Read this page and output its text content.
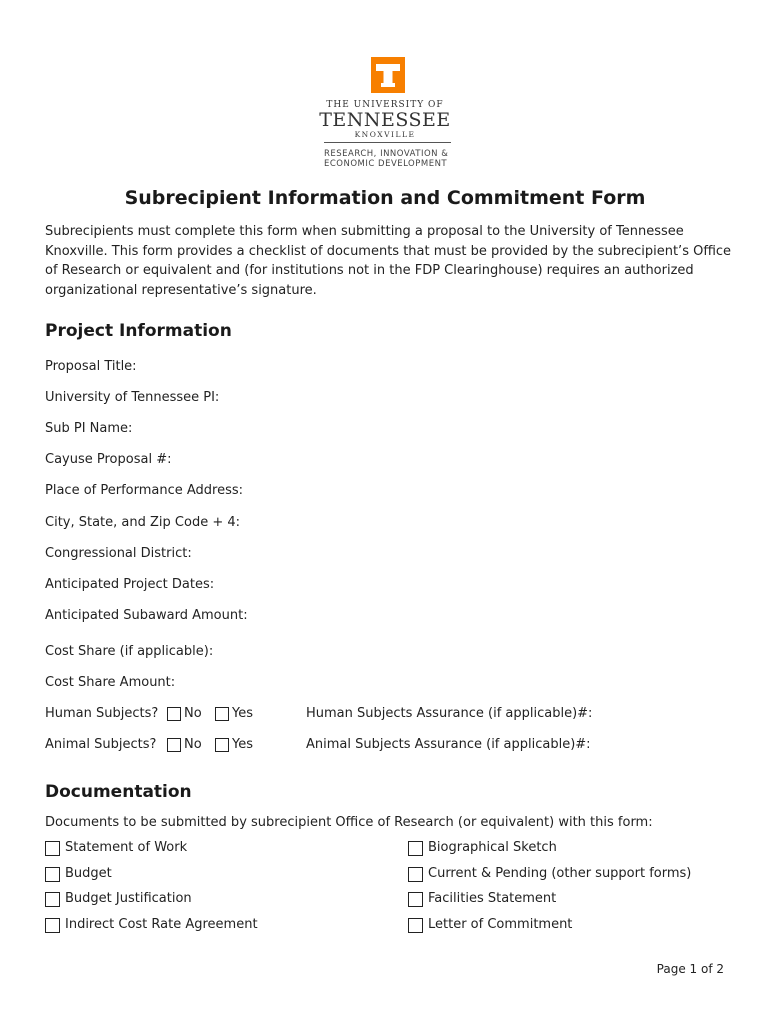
THE UNIVERSITY OF
TENNESSEE
KNOXVILLE
RESEARCH, INNOVATION &
ECONOMIC DEVELOPMENT
Subrecipient Information and Commitment Form
Subrecipients must complete this form when submitting a proposal to the University of Tennessee Knoxville. This form provides a checklist of documents that must be provided by the subrecipient’s Office of Research or equivalent and (for institutions not in the FDP Clearinghouse) requires an authorized organizational representative’s signature.
Project Information
Proposal Title:
University of Tennessee PI:
Sub PI Name:
Cayuse Proposal #:
Place of Performance Address:
City, State, and Zip Code + 4:
Congressional District:
Anticipated Project Dates:
Anticipated Subaward Amount:
Cost Share (if applicable):
Cost Share Amount:
Human Subjects? No Yes	Human Subjects Assurance (if applicable)#:
Animal Subjects? No Yes	Animal Subjects Assurance (if applicable)#:
Documentation
Documents to be submitted by subrecipient Office of Research (or equivalent) with this form:
Statement of Work
Budget
Budget Justification
Indirect Cost Rate Agreement
Biographical Sketch
Current & Pending (other support forms)
Facilities Statement
Letter of Commitment
Page 1 of 2
